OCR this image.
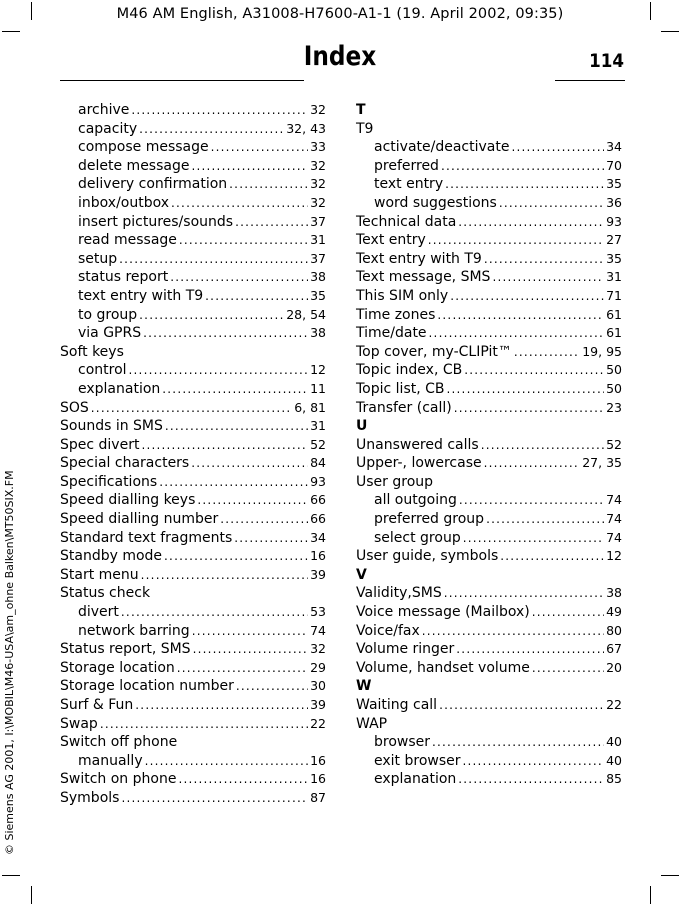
M46 AM English, A31008-H7600-A1-1 (19. April 2002, 09:35)
© Siemens AG 2001, I:\MOBIL\M46-USA\am_ohne Balken\MT50SIX.FM
Index	114
archive .....	32
capacity .....	32, 43
compose message .....	33
delete message .....	32
delivery confirmation .....	32
inbox/outbox .....	32
insert pictures/sounds .....	37
read message .....	31
setup .....	37
status report .....	38
text entry with T9 .....	35
to group .....	28, 54
via GPRS .....	38
Soft keys
control .....	12
explanation .....	11
SOS .....	6, 81
Sounds in SMS .....	31
Spec divert .....	52
Special characters .....	84
Specifications .....	93
Speed dialling keys .....	66
Speed dialling number .....	66
Standard text fragments .....	34
Standby mode .....	16
Start menu .....	39
Status check
divert .....	53
network barring .....	74
Status report, SMS .....	32
Storage location .....	29
Storage location number .....	30
Surf & Fun .....	39
Swap .....	22
Switch off phone
manually .....	16
Switch on phone .....	16
Symbols .....	87
T
T9
activate/deactivate .....	34
preferred .....	70
text entry .....	35
word suggestions .....	36
Technical data .....	93
Text entry .....	27
Text entry with T9 .....	35
Text message, SMS .....	31
This SIM only .....	71
Time zones .....	61
Time/date .....	61
Top cover, my-CLIPit™ .....	19, 95
Topic index, CB .....	50
Topic list, CB .....	50
Transfer (call) .....	23
U
Unanswered calls .....	52
Upper-, lowercase .....	27, 35
User group
all outgoing .....	74
preferred group .....	74
select group .....	74
User guide, symbols .....	12
V
Validity,SMS .....	38
Voice message (Mailbox) .....	49
Voice/fax .....	80
Volume ringer .....	67
Volume, handset volume .....	20
W
Waiting call .....	22
WAP
browser .....	40
exit browser .....	40
explanation .....	85
